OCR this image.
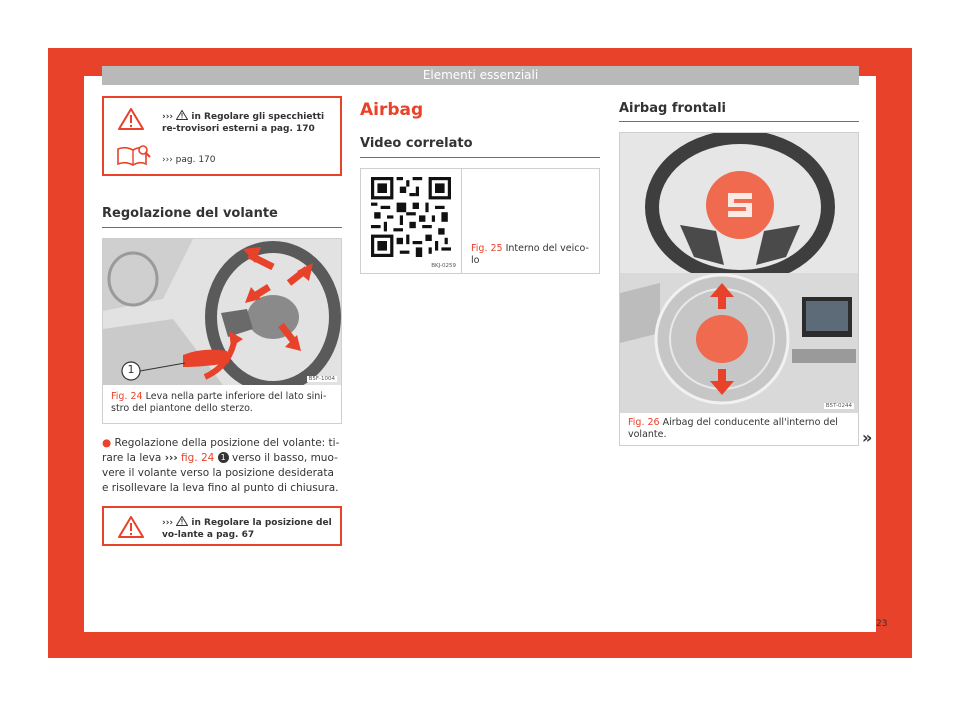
Elementi essenziali
›››  in Regolare gli specchietti re-trovisori esterni a pag. 170
››› pag. 170
Regolazione del volante
1
B5F-1004
Fig. 24 Leva nella parte inferiore del lato sini-stro del piantone dello sterzo.
● Regolazione della posizione del volante: ti-rare la leva ››› fig. 24 1 verso il basso, muo-vere il volante verso la posizione desiderata e risollevare la leva fino al punto di chiusura.
›››  in Regolare la posizione del vo-lante a pag. 67
Airbag
Video correlato
BKJ-0259
Fig. 25 Interno del veico-lo
Airbag frontali
B5T-0244
Fig. 26 Airbag del conducente all'interno del volante.	»
23
